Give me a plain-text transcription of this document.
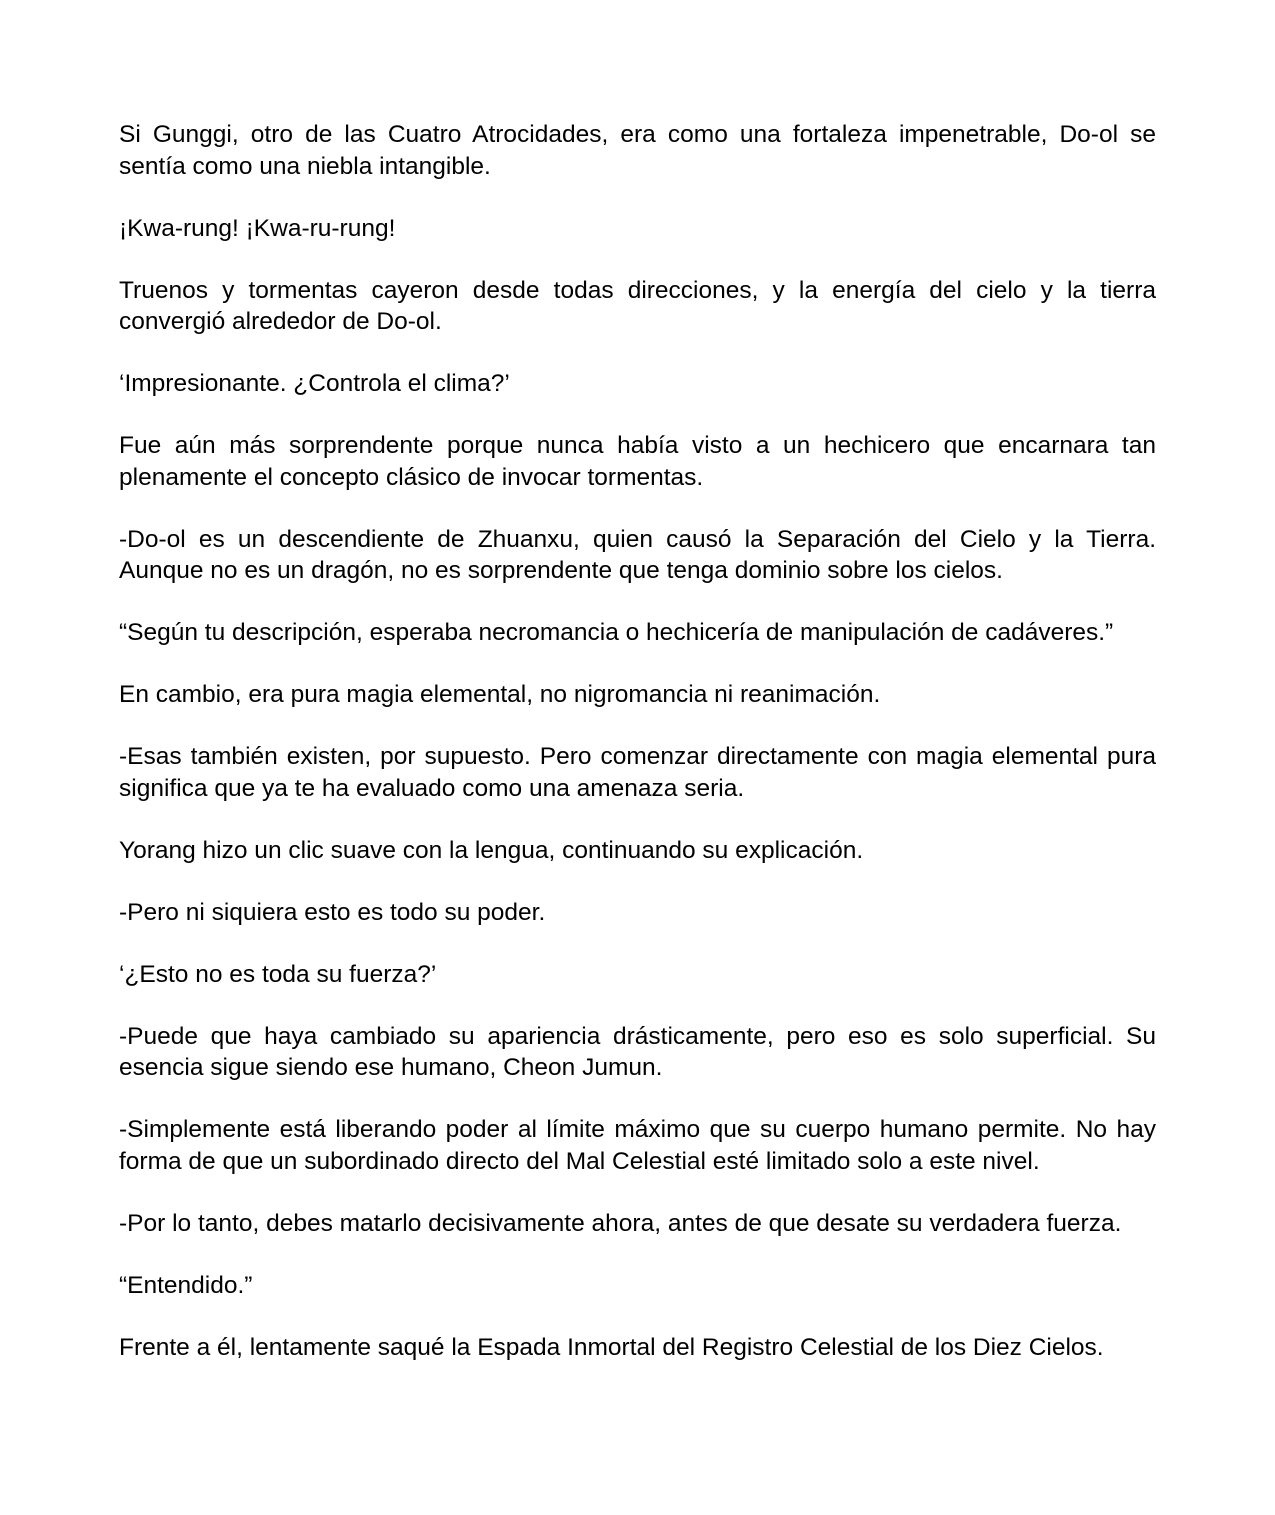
Si Gunggi, otro de las Cuatro Atrocidades, era como una fortaleza impenetrable, Do-ol se sentía como una niebla intangible.

¡Kwa-rung! ¡Kwa-ru-rung!

Truenos y tormentas cayeron desde todas direcciones, y la energía del cielo y la tierra convergió alrededor de Do-ol.

‘Impresionante. ¿Controla el clima?’

Fue aún más sorprendente porque nunca había visto a un hechicero que encarnara tan plenamente el concepto clásico de invocar tormentas.

-Do-ol es un descendiente de Zhuanxu, quien causó la Separación del Cielo y la Tierra. Aunque no es un dragón, no es sorprendente que tenga dominio sobre los cielos.

“Según tu descripción, esperaba necromancia o hechicería de manipulación de cadáveres.”

En cambio, era pura magia elemental, no nigromancia ni reanimación.

-Esas también existen, por supuesto. Pero comenzar directamente con magia elemental pura significa que ya te ha evaluado como una amenaza seria.

Yorang hizo un clic suave con la lengua, continuando su explicación.

-Pero ni siquiera esto es todo su poder.

‘¿Esto no es toda su fuerza?’

-Puede que haya cambiado su apariencia drásticamente, pero eso es solo superficial. Su esencia sigue siendo ese humano, Cheon Jumun.

-Simplemente está liberando poder al límite máximo que su cuerpo humano permite. No hay forma de que un subordinado directo del Mal Celestial esté limitado solo a este nivel.

-Por lo tanto, debes matarlo decisivamente ahora, antes de que desate su verdadera fuerza.

“Entendido.”

Frente a él, lentamente saqué la Espada Inmortal del Registro Celestial de los Diez Cielos.
